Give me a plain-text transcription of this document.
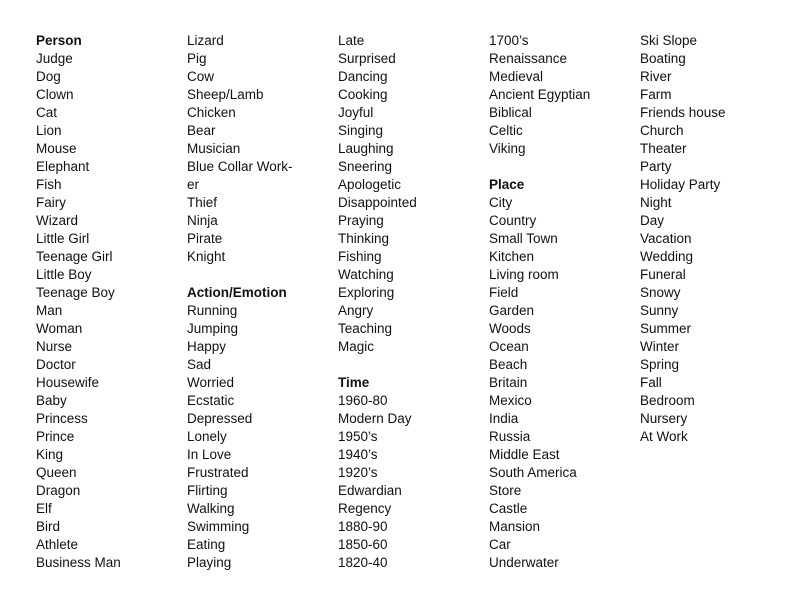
Person
Judge
Dog
Clown
Cat
Lion
Mouse
Elephant
Fish
Fairy
Wizard
Little Girl
Teenage Girl
Little Boy
Teenage Boy
Man
Woman
Nurse
Doctor
Housewife
Baby
Princess
Prince
King
Queen
Dragon
Elf
Bird
Athlete
Business Man
Lizard
Pig
Cow
Sheep/Lamb
Chicken
Bear
Musician
Blue Collar Work-
er
Thief
Ninja
Pirate
Knight
Action/Emotion
Running
Jumping
Happy
Sad
Worried
Ecstatic
Depressed
Lonely
In Love
Frustrated
Flirting
Walking
Swimming
Eating
Playing
Late
Surprised
Dancing
Cooking
Joyful
Singing
Laughing
Sneering
Apologetic
Disappointed
Praying
Thinking
Fishing
Watching
Exploring
Angry
Teaching
Magic
Time
1960-80
Modern Day
1950’s
1940’s
1920’s
Edwardian
Regency
1880-90
1850-60
1820-40
1700’s
Renaissance
Medieval
Ancient Egyptian
Biblical
Celtic
Viking
Place
City
Country
Small Town
Kitchen
Living room
Field
Garden
Woods
Ocean
Beach
Britain
Mexico
India
Russia
Middle East
South America
Store
Castle
Mansion
Car
Underwater
Ski Slope
Boating
River
Farm
Friends house
Church
Theater
Party
Holiday Party
Night
Day
Vacation
Wedding
Funeral
Snowy
Sunny
Summer
Winter
Spring
Fall
Bedroom
Nursery
At Work
